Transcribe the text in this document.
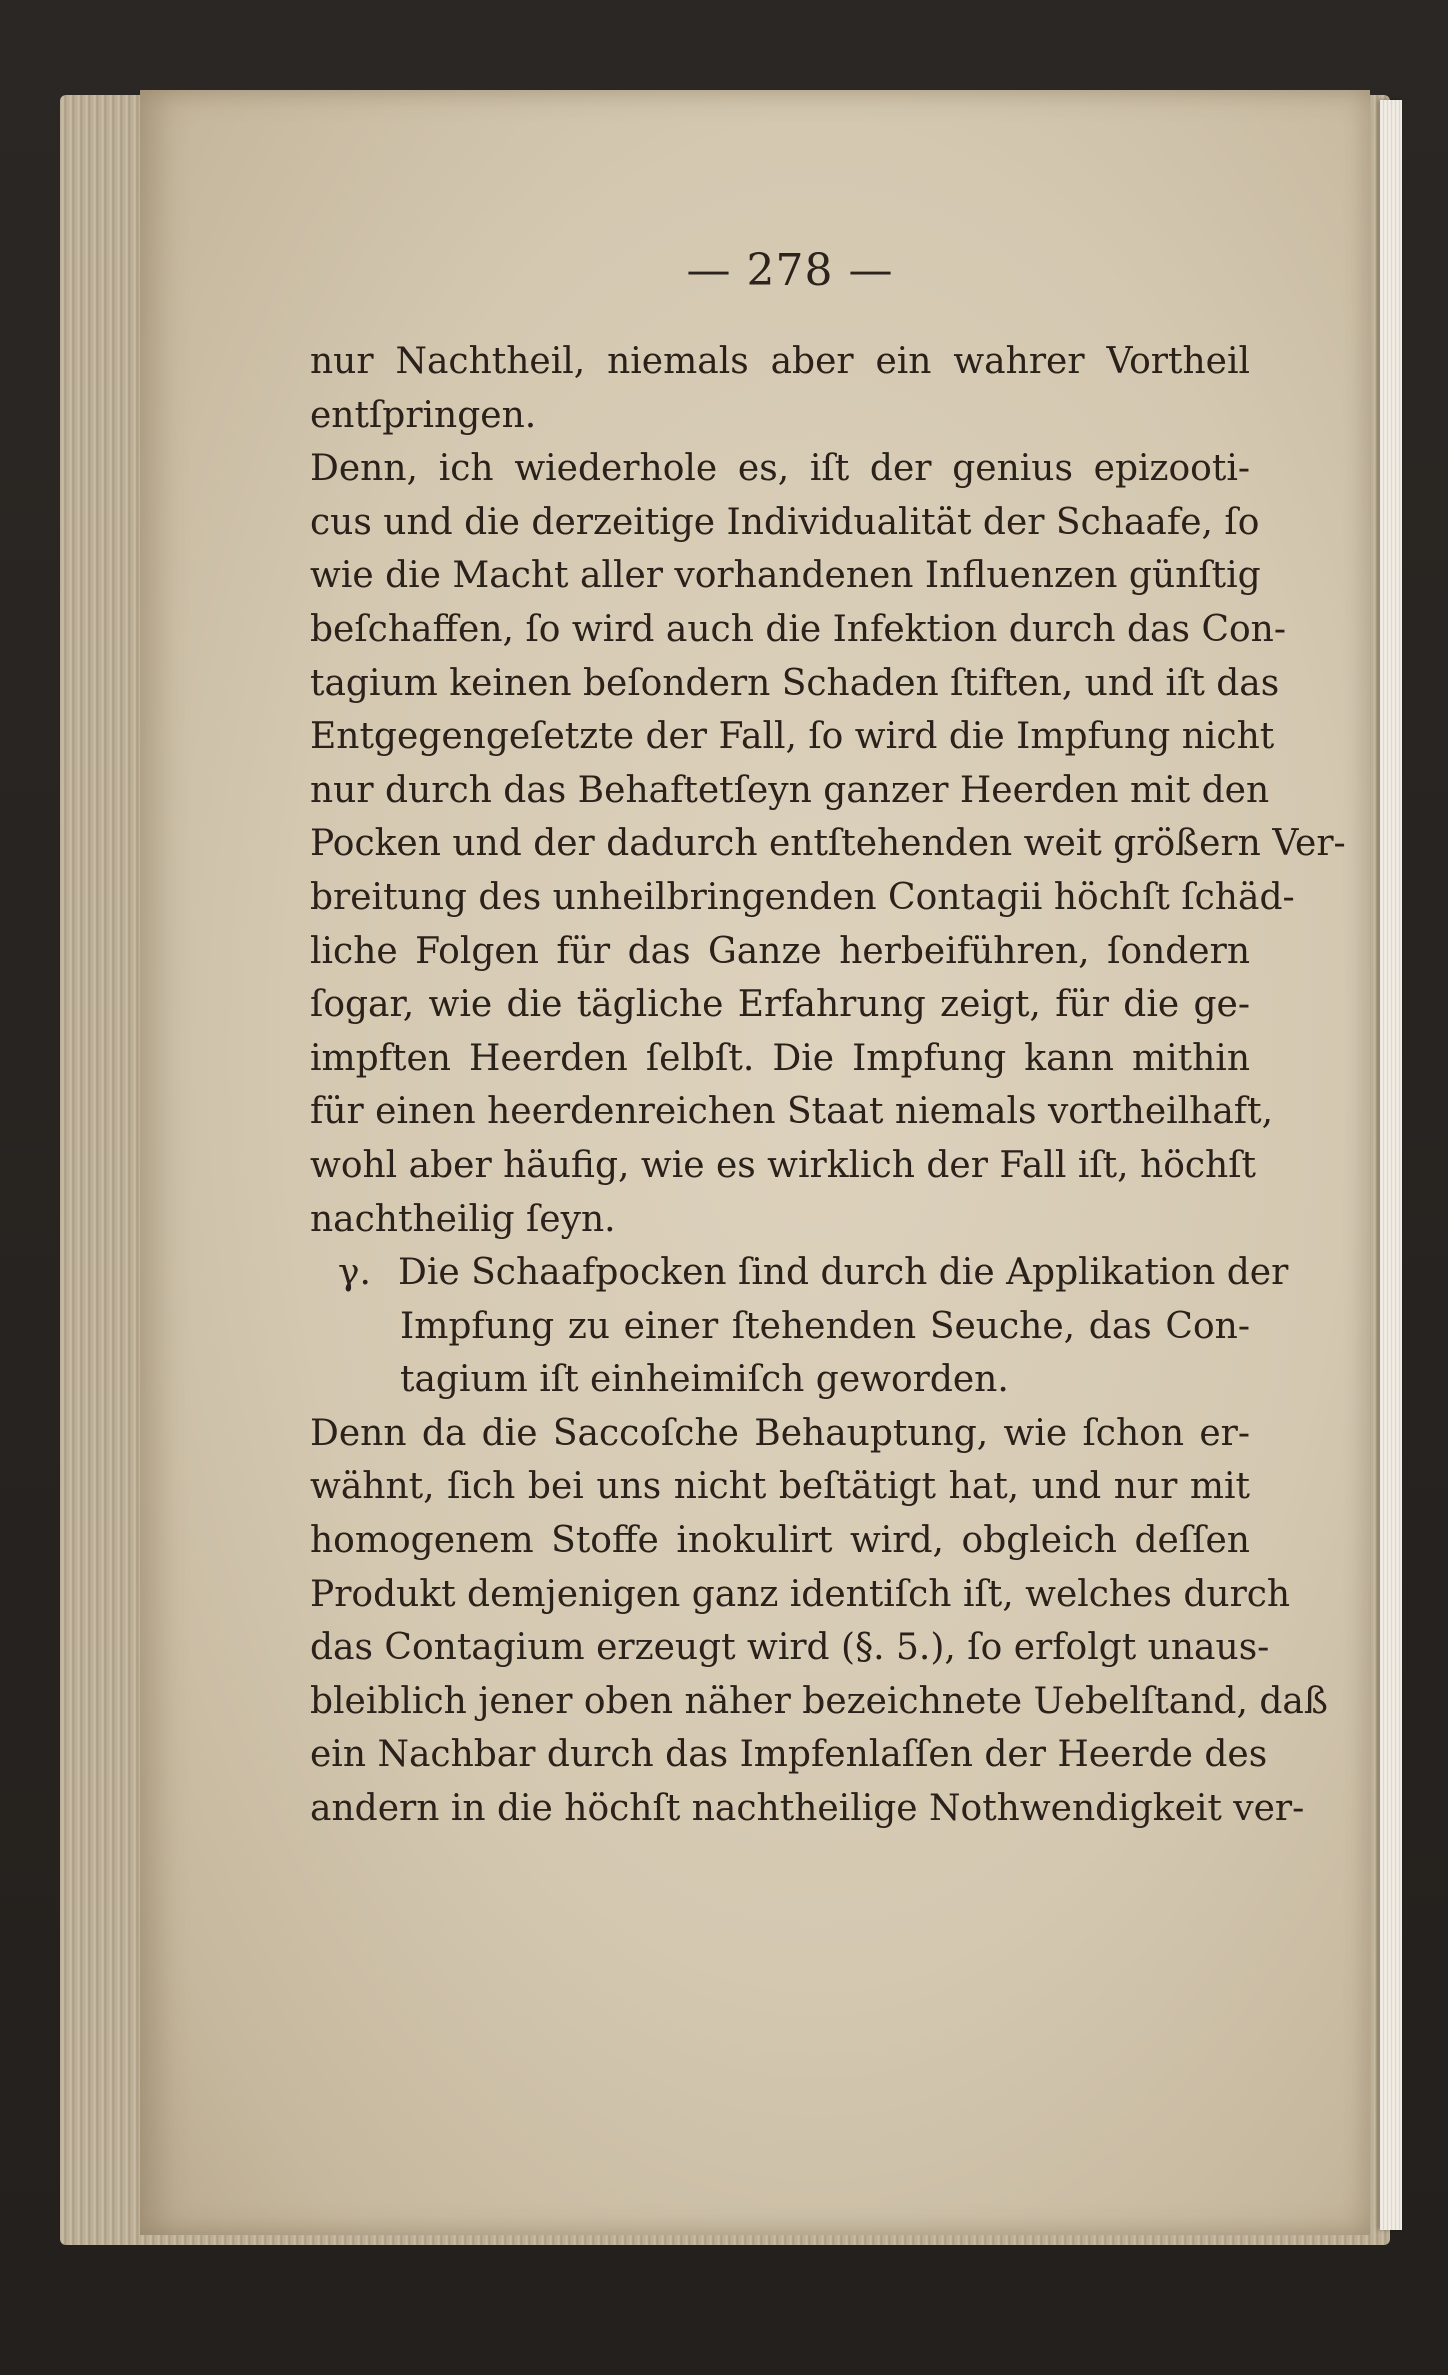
— 278 —
nur Nachtheil, niemals aber ein wahrer Vortheil
entſpringen.
Denn, ich wiederhole es, iſt der genius epizooti-
cus und die derzeitige Individualität der Schaafe, ſo
wie die Macht aller vorhandenen Influenzen günſtig
beſchaffen, ſo wird auch die Infektion durch das Con-
tagium keinen beſondern Schaden ſtiften, und iſt das
Entgegengeſetzte der Fall, ſo wird die Impfung nicht
nur durch das Behaftetſeyn ganzer Heerden mit den
Pocken und der dadurch entſtehenden weit größern Ver-
breitung des unheilbringenden Contagii höchſt ſchäd-
liche Folgen für das Ganze herbeiführen, ſondern
ſogar, wie die tägliche Erfahrung zeigt, für die ge-
impften Heerden ſelbſt. Die Impfung kann mithin
für einen heerdenreichen Staat niemals vortheilhaft,
wohl aber häufig, wie es wirklich der Fall iſt, höchſt
nachtheilig ſeyn.
γ. Die Schaafpocken ſind durch die Applikation der
Impfung zu einer ſtehenden Seuche, das Con-
tagium iſt einheimiſch geworden.
Denn da die Saccoſche Behauptung, wie ſchon er-
wähnt, ſich bei uns nicht beſtätigt hat, und nur mit
homogenem Stoffe inokulirt wird, obgleich deſſen
Produkt demjenigen ganz identiſch iſt, welches durch
das Contagium erzeugt wird (§. 5.), ſo erfolgt unaus-
bleiblich jener oben näher bezeichnete Uebelſtand, daß
ein Nachbar durch das Impfenlaſſen der Heerde des
andern in die höchſt nachtheilige Nothwendigkeit ver-
